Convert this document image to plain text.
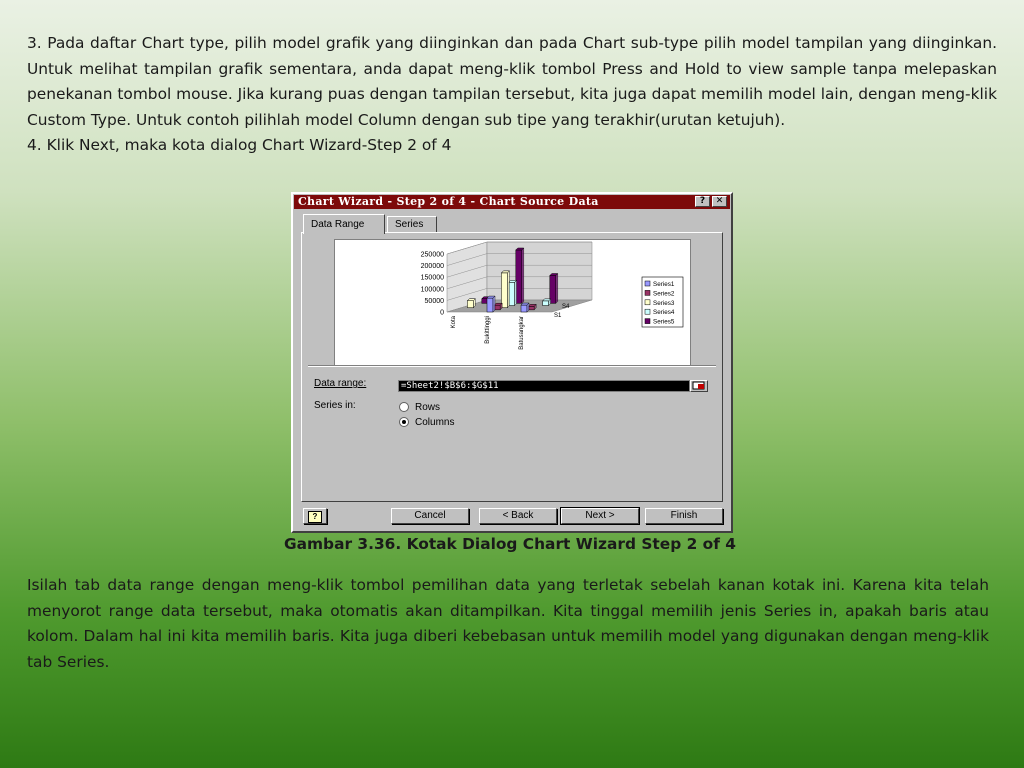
3. Pada daftar Chart type, pilih model grafik yang diinginkan dan pada Chart sub-type pilih model tampilan yang diinginkan. Untuk melihat tampilan grafik sementara, anda dapat meng-klik tombol Press and Hold to view sample tanpa melepaskan penekanan tombol mouse. Jika kurang puas dengan tampilan tersebut, kita juga dapat memilih model lain, dengan meng-klik Custom Type. Untuk contoh pilihlah model Column dengan sub tipe yang terakhir(urutan ketujuh).
4. Klik Next, maka kota dialog Chart Wizard-Step 2 of 4

Chart Wizard - Step 2 of 4 - Chart Source Data	?	✕
Data Range	Series
250000
200000
150000
100000
50000
0
Kota	Bukittinggi	Batusangkar
S4
S1
Series1
Series2
Series3
Series4
Series5
Data range:	=Sheet2!$B$6:$G$11
Series in:	Rows
Columns
?	Cancel	< Back	Next >	Finish

Gambar 3.36. Kotak Dialog Chart Wizard Step 2 of 4

Isilah tab data range dengan meng-klik tombol pemilihan data yang terletak sebelah kanan kotak ini. Karena kita telah menyorot range data tersebut, maka otomatis akan ditampilkan. Kita tinggal memilih jenis Series in, apakah baris atau kolom. Dalam hal ini kita memilih baris. Kita juga diberi kebebasan untuk memilih model yang digunakan dengan meng-klik tab Series.
